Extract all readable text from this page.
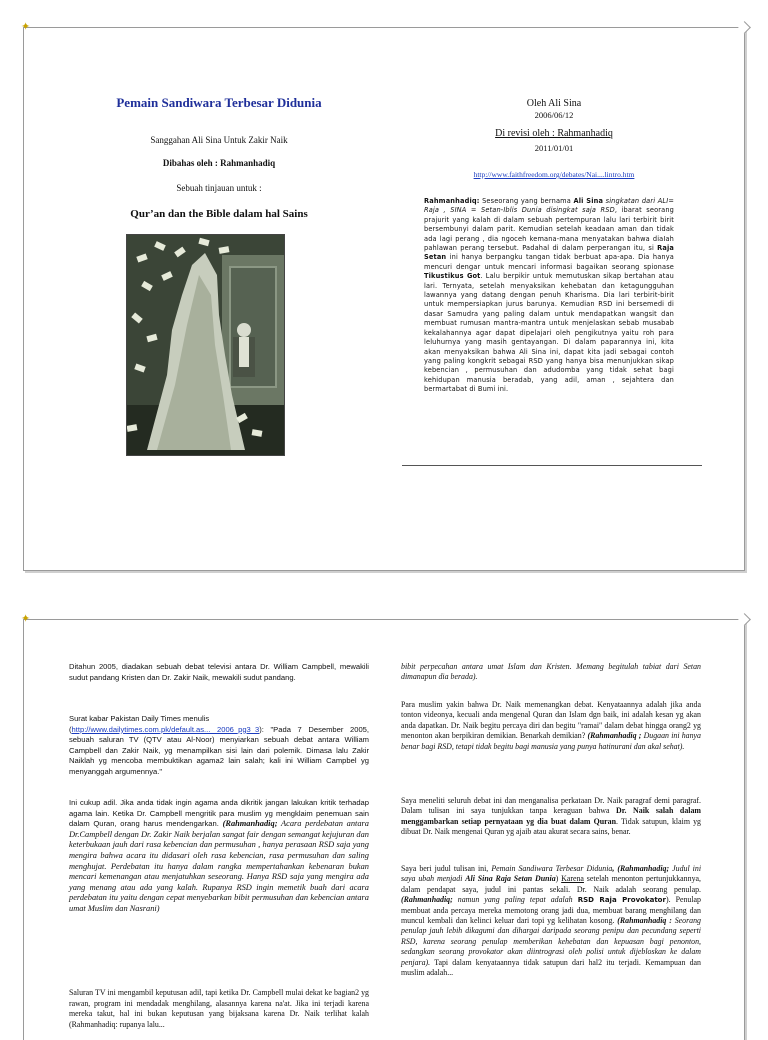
✦
Pemain Sandiwara Terbesar Didunia
Sanggahan Ali Sina Untuk Zakir Naik
Dibahas oleh : Rahmanhadiq
Sebuah tinjauan untuk :
Qur’an dan the Bible dalam hal Sains
Oleh Ali Sina
2006/06/12
Di revisi oleh : Rahmanhadiq
2011/01/01
http://www.faithfreedom.org/debates/Nai....lintro.htm
Rahmanhadiq: Seseorang yang bernama Ali Sina singkatan dari ALI= Raja , SINA = Setan-Iblis Dunia disingkat saja RSD, ibarat seorang prajurit yang kalah di dalam sebuah pertempuran lalu lari terbirit birit bersembunyi dalam parit. Kemudian setelah keadaan aman dan tidak ada lagi perang , dia ngoceh kemana-mana menyatakan bahwa diaIah pahlawan perang tersebut. Padahal di dalam perperangan itu, si Raja Setan ini hanya berpangku tangan tidak berbuat apa-apa. Dia hanya mencuri dengar untuk mencari informasi bagaikan seorang spionase Tikustikus Got. Lalu berpikir untuk memutuskan sikap bertahan atau lari. Ternyata, setelah menyaksikan kehebatan dan ketagungguhan lawannya yang datang dengan penuh Kharisma. Dia lari terbirit-birit untuk mempersiapkan jurus barunya. Kemudian RSD ini bersemedi di dasar Samudra yang paling dalam untuk mendapatkan wangsit dan membuat rumusan mantra-mantra untuk menjelaskan sebab musabab kekalahannya agar dapat dipelajari oleh pengikutnya yaitu roh para leluhurnya yang masih gentayangan. Di dalam paparannya ini, kita akan menyaksikan bahwa Ali Sina ini, dapat kita jadi sebagai contoh yang paling kongkrit sebagai RSD yang hanya bisa menunjukkan sikap kebencian , permusuhan dan adudomba yang tidak sehat bagi kehidupan manusia beradab, yang adil, aman , sejahtera dan bermartabat di Bumi ini.
✦
Ditahun 2005, diadakan sebuah debat televisi antara Dr. William Campbell, mewakili sudut pandang Kristen dan Dr. Zakir Naik, mewakili sudut pandang.

Surat kabar Pakistan Daily Times menulis
(http://www.dailytimes.com.pk/default.as... 2006_pg3_3): "Pada 7 Desember 2005, sebuah saluran TV (QTV atau Al-Noor) menyiarkan sebuah debat antara William Campbell dan Zakir Naik, yg menampilkan sisi lain dari polemik. Dimasa lalu Zakir Naiklah yg mencoba membuktikan agama2 lain salah; kali ini William Campbel yg menyanggah argumennya."

Ini cukup adil. Jika anda tidak ingin agama anda dikritik jangan lakukan kritik terhadap agama lain. Ketika Dr. Campbell mengritik para muslim yg mengklaim penemuan sain dalam Quran, orang harus mendengarkan. (Rahmanhadiq; Acara perdebatan antara Dr.Campbell dengan Dr. Zakir Naik berjalan sangat fair dengan semangat kejujuran dan keterbukaan jauh dari rasa kebencian dan permusuhan , hanya perasaan RSD saja yang mengira bahwa acara itu didasari oleh rasa kebencian, rasa permusuhan dan saling menghujat. Perdebatan itu hanya dalam rangka mempertahankan kebenaran bukan mencari kemenangan atau menjatuhkan seseorang. Hanya RSD saja yang mengira ada yang menang atau ada yang kalah. Rupanya RSD ingin memetik buah dari acara perdebatan itu yaitu dengan cepat menyebarkan bibit permusuhan dan kebencian antara umat Muslim dan Nasrani)
Saluran TV ini mengambil keputusan adil, tapi ketika Dr. Campbell mulai dekat ke bagian2 yg rawan, program ini mendadak menghilang, alasannya karena na'at. Jika ini terjadi karena mereka takut, hal ini bukan keputusan yang bijaksana karena Dr. Naik terlihat kalah (Rahmanhadiq: rupanya lalu...
bibit perpecahan antara umat Islam dan Kristen. Memang begitulah tabiat dari Setan dimanapun dia berada).
Para muslim yakin bahwa Dr. Naik memenangkan debat. Kenyataannya adalah jika anda tonton videonya, kecuali anda mengenal Quran dan Islam dgn baik, ini adalah kesan yg akan anda dapatkan. Dr. Naik begitu percaya diri dan begitu "ramai" dalam debat hingga orang2 yg menonton akan berpikiran demikian. Benarkah demikian? (Rahmanhadiq ; Dugaan ini hanya benar bagi RSD, tetapi tidak begitu bagi manusia yang punya hatinurani dan akal sehat).
Saya meneliti seluruh debat ini dan menganalisa perkataan Dr. Naik paragraf demi paragraf. Dalam tulisan ini saya tunjukkan tanpa keraguan bahwa Dr. Naik salah dalam menggambarkan setiap pernyataan yg dia buat dalam Quran. Tidak satupun, klaim yg dibuat Dr. Naik mengenai Quran yg ajaib atau akurat secara sains, benar.
Saya beri judul tulisan ini, Pemain Sandiwara Terbesar Didunia, (Rahmanhadiq; Judul ini saya ubah menjadi Ali Sina Raja Setan Dunia) Karena setelah menonton pertunjukkannya, dalam pendapat saya, judul ini pantas sekali. Dr. Naik adalah seorang penulap. (Rahmanhadiq; namun yang paling tepat adalah RSD Raja Provokator). Penulap membuat anda percaya mereka memotong orang jadi dua, membuat barang menghilang dan muncul kembali dan kelinci keluar dari topi yg kelihatan kosong. (Rahmanhadiq : Seorang penulap jauh lebih dikagumi dan dihargai daripada seorang penipu dan pecundang seperti RSD, karena seorang penulap memberikan kehebatan dan kepuasan bagi penonton, sedangkan seorang provokator akan diintrograsi oleh polisi untuk dijebloskan ke dalam penjara). Tapi dalam kenyataannya tidak satupun dari hal2 itu terjadi. Kemampuan dan muslim adalah...
